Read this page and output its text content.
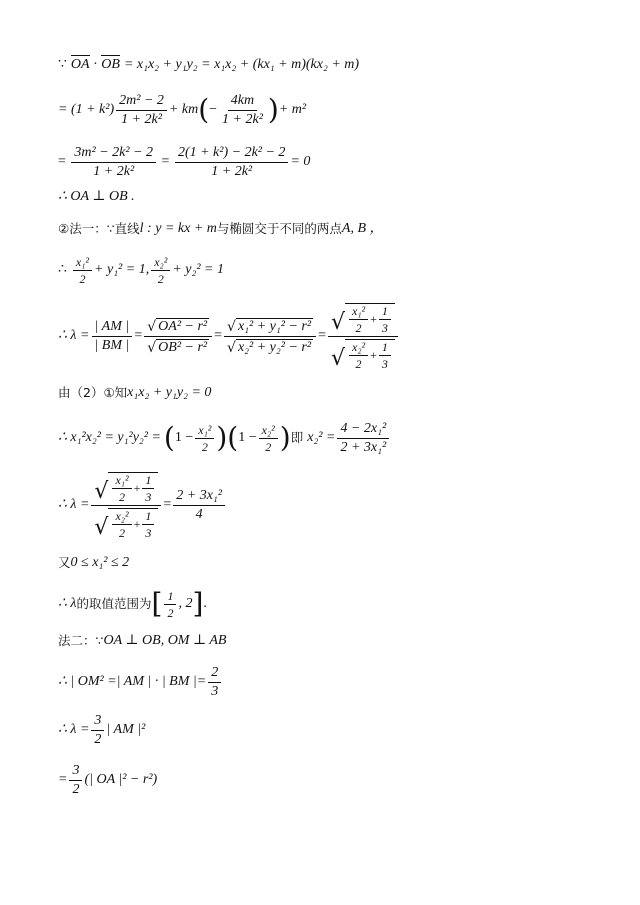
∵ OA · OB = x₁x₂ + y₁y₂ = x₁x₂ + (kx₁ + m)(kx₂ + m)
= $(1 + k^2) \frac{\text{2m² − 2}}{\text{1 + 2k²}}$ + km ( − $\frac{4km}{\text{1 + 2k²}}$ ) + m²
= $\frac{\text{3m² − 2k² − 2}}{\text{1 + 2k²}} = \frac{\text{2(1 + k²) − 2k² − 2}}{\text{1 + 2k²}} = 0$
∴ OA ⊥ OB .
②法一：∵直线 l : y = kx + m 与椭圆交于不同的两点 A, B ，
∴ $\frac{\text{x₁²}}{2} + y_1^2 = 1$, $\frac{\text{x₂²}}{2} + y_2^2 = 1$
∴ $\lambda = \frac{| AM |}{| BM |} = \frac{\text{√ OA² − r²}}{\text{√ OB² − r²}} = \frac{\text{√ x₁² + y₁² − r²}}{\text{√ x₂² + y₂² − r²}} = \frac{√ \frac{\text{x₁²}}{2} + \frac{1}{3}}{√ \frac{\text{x₂²}}{2} + \frac{1}{3}}$
由（2）①知 x₁x₂ + y₁y₂ = 0
∴ x₁²x₂² = y₁²y₂² = ( $1 - \frac{\text{x₁²}}{2}$ )( $1 - \frac{\text{x₂²}}{2}$ ) 即 $x_2^2 = \frac{\text{4 − 2x₁²}}{\text{2 + 3x₁²}}$
∴ $\lambda = \frac{√ \frac{\text{x₁²}}{2} + \frac{1}{3}}{√ \frac{\text{x₂²}}{2} + \frac{1}{3}} = \frac{\text{2 + 3x₁²}}{4}$
又 0 ≤ x₁² ≤ 2
∴ λ 的取值范围为 [ $\frac{1}{2}$ , 2 ] .
法二：∵ OA ⊥ OB, OM ⊥ AB
∴ | OM² =| AM | · | BM |= $\frac{2}{3}$
∴ $\lambda = \frac{3}{2}$ | AM |²
= $\frac{3}{2}$ (| OA |² − r²)
